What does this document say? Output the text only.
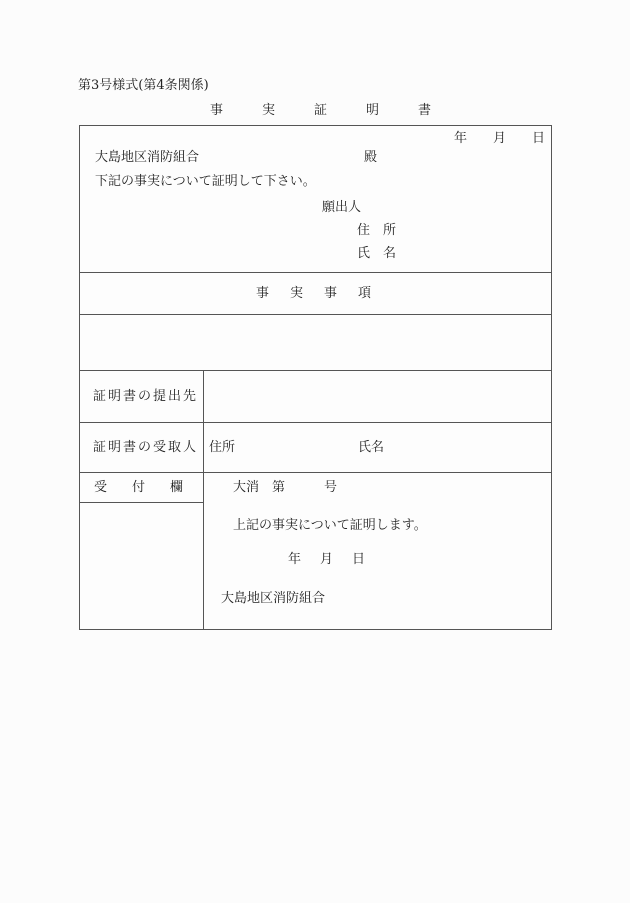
第3号様式(第4条関係)
事　実　証　明　書
年　　月　　日
大島地区消防組合	殿
下記の事実について証明して下さい。
願出人
住　所
氏　名
事　実　事　項
証明書の提出先
証明書の受取人 住所	氏名
受　付　欄	大消　第　　　号
上記の事実について証明します。
年　月　日
大島地区消防組合
